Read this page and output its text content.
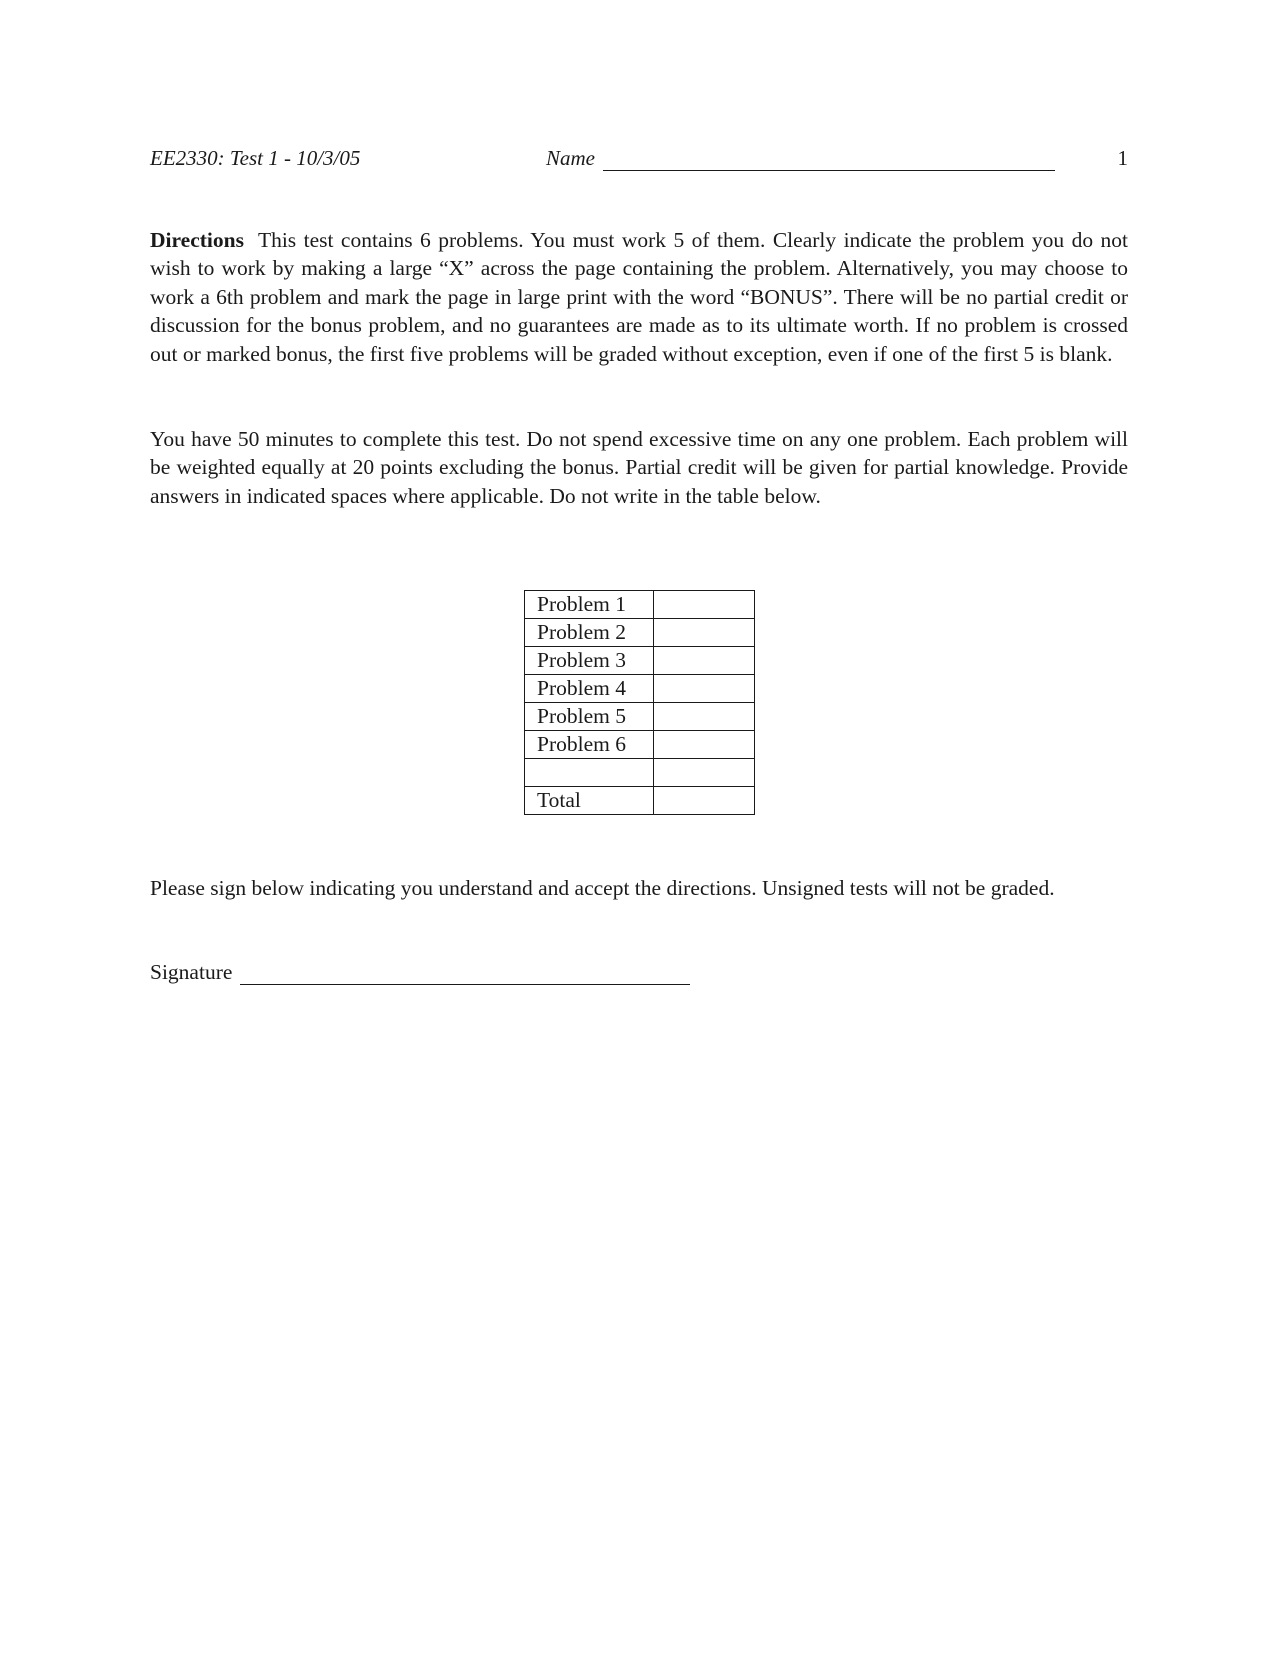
EE2330: Test 1 - 10/3/05	Name	1

Directions This test contains 6 problems. You must work 5 of them. Clearly indicate the problem you do not wish to work by making a large “X” across the page containing the problem. Alternatively, you may choose to work a 6th problem and mark the page in large print with the word “BONUS”. There will be no partial credit or discussion for the bonus problem, and no guarantees are made as to its ultimate worth. If no problem is crossed out or marked bonus, the first five problems will be graded without exception, even if one of the first 5 is blank.

You have 50 minutes to complete this test. Do not spend excessive time on any one problem. Each problem will be weighted equally at 20 points excluding the bonus. Partial credit will be given for partial knowledge. Provide answers in indicated spaces where applicable. Do not write in the table below.

Problem 1	
Problem 2	
Problem 3	
Problem 4	
Problem 5	
Problem 6	

Total	

Please sign below indicating you understand and accept the directions. Unsigned tests will not be graded.

Signature
